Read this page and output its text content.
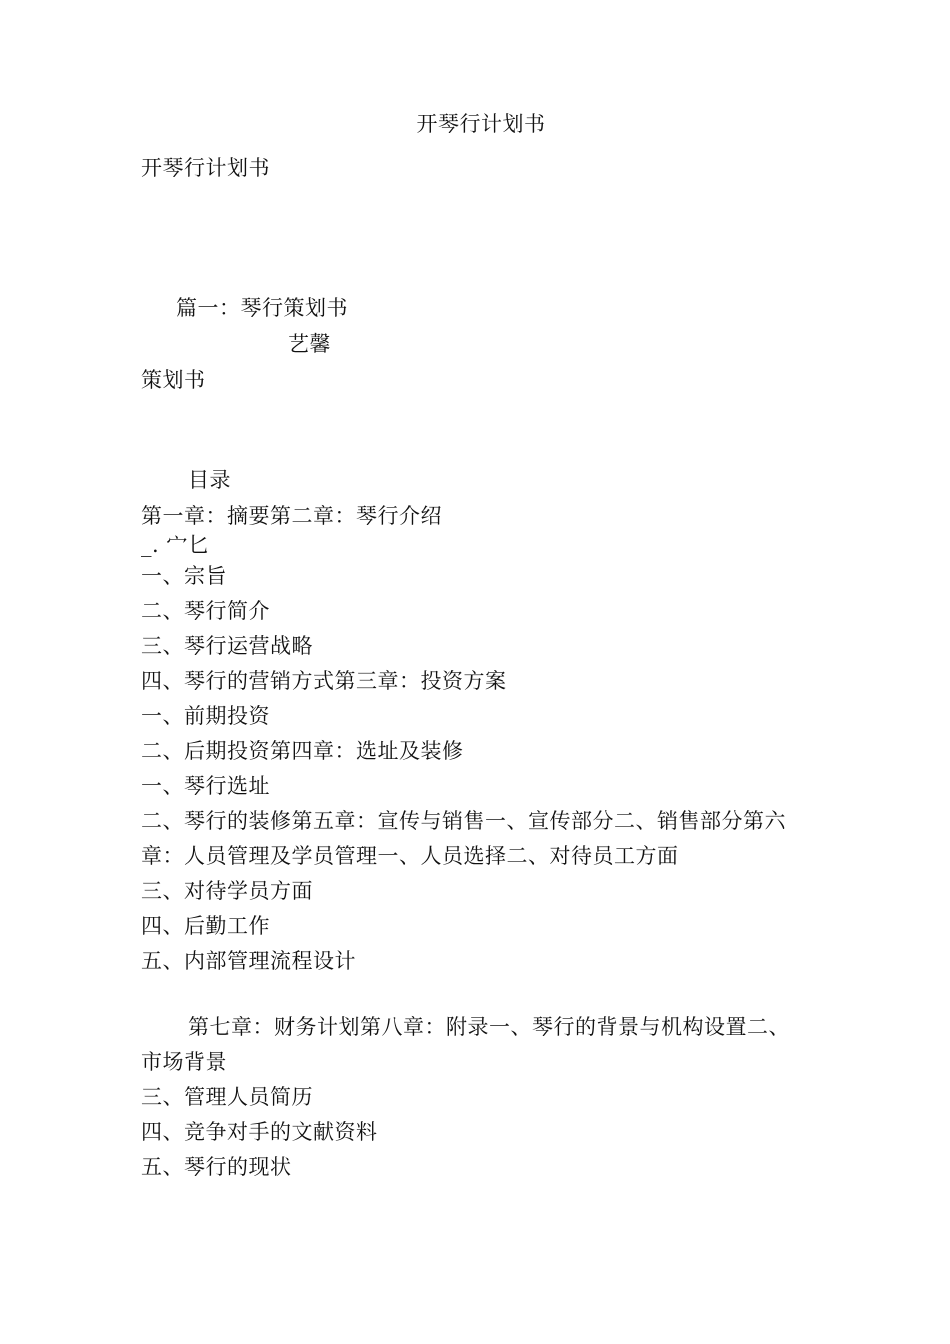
开琴行计划书
开琴行计划书
篇一：琴行策划书
艺馨
策划书
目录
第一章：摘要第二章：琴行介绍
_. 宀匕
一、宗旨
二、琴行简介
三、琴行运营战略
四、琴行的营销方式第三章：投资方案
一、前期投资
二、后期投资第四章：选址及装修
一、琴行选址
二、琴行的装修第五章：宣传与销售一、宣传部分二、销售部分第六
章：人员管理及学员管理一、人员选择二、对待员工方面
三、对待学员方面
四、后勤工作
五、内部管理流程设计
第七章：财务计划第八章：附录一、琴行的背景与机构设置二、
市场背景
三、管理人员简历
四、竞争对手的文献资料
五、琴行的现状
